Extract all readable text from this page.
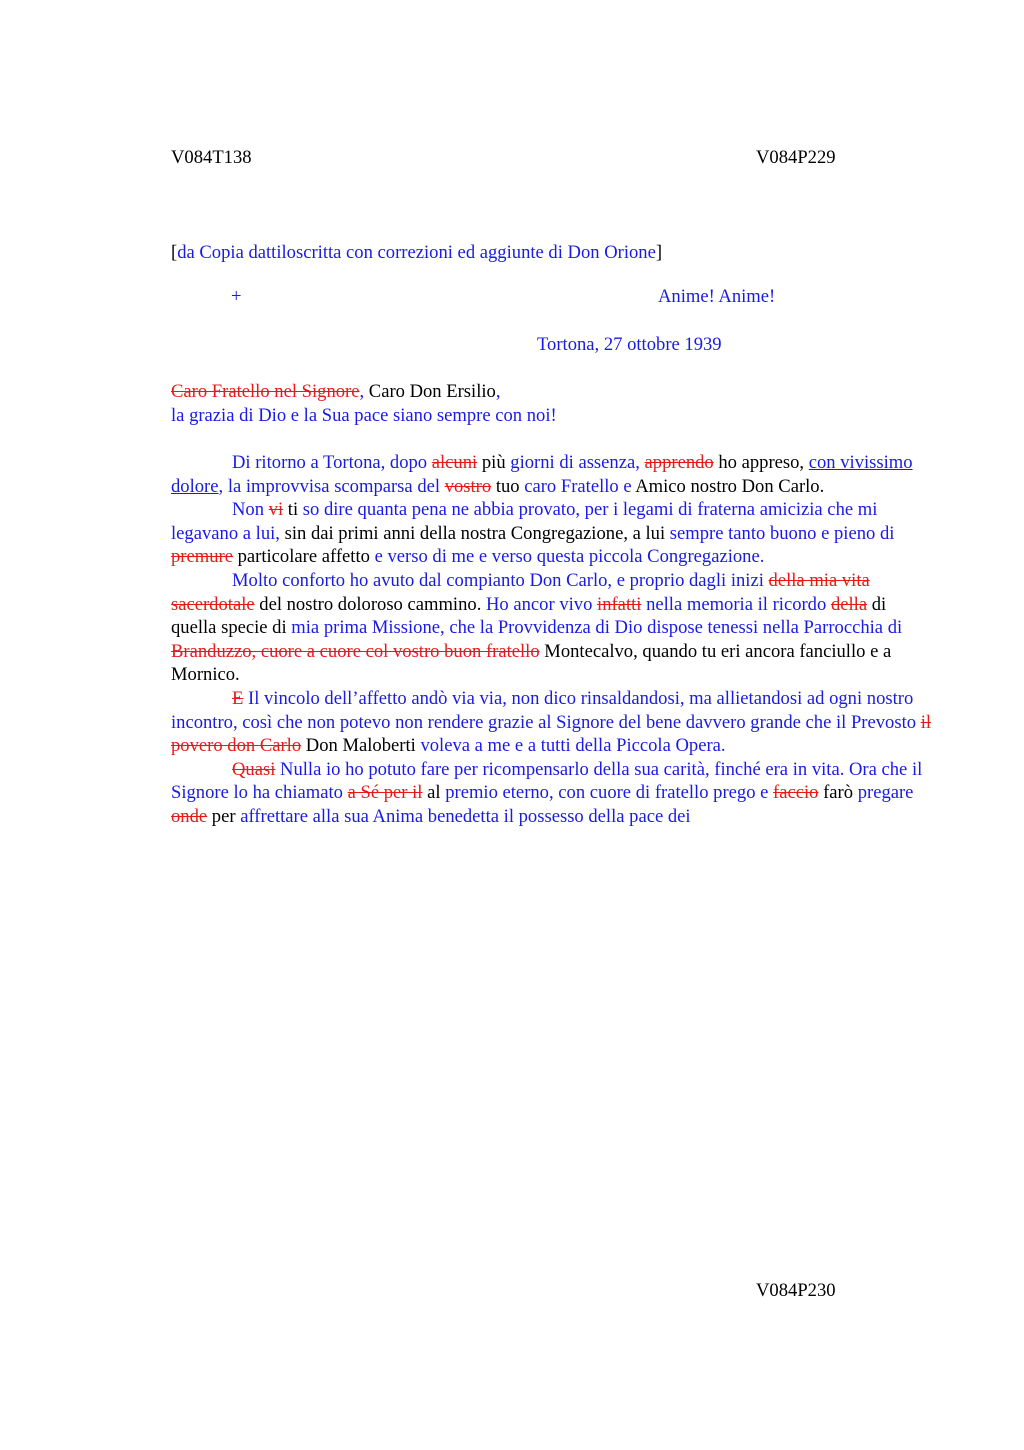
V084T138	V084P229
[da Copia dattiloscritta con correzioni ed aggiunte di Don Orione]
+	Anime! Anime!
Tortona, 27 ottobre 1939
Caro Fratello nel Signore, Caro Don Ersilio,
la grazia di Dio e la Sua pace siano sempre con noi!

Di ritorno a Tortona, dopo alcuni più giorni di assenza, apprendo ho appreso, con vivissimo dolore, la improvvisa scomparsa del vostro tuo caro Fratello e Amico nostro Don Carlo.

Non vi ti so dire quanta pena ne abbia provato, per i legami di fraterna amicizia che mi legavano a lui, sin dai primi anni della nostra Congregazione, a lui sempre tanto buono e pieno di premure particolare affetto e verso di me e verso questa piccola Congregazione.

Molto conforto ho avuto dal compianto Don Carlo, e proprio dagli inizi della mia vita sacerdotale del nostro doloroso cammino. Ho ancor vivo infatti nella memoria il ricordo della di quella specie di mia prima Missione, che la Provvidenza di Dio dispose tenessi nella Parrocchia di Branduzzo, cuore a cuore col vostro buon fratello Montecalvo, quando tu eri ancora fanciullo e a Mornico.

E Il vincolo dell’affetto andò via via, non dico rinsaldandosi, ma allietandosi ad ogni nostro incontro, così che non potevo non rendere grazie al Signore del bene davvero grande che il Prevosto il povero don Carlo Don Maloberti voleva a me e a tutti della Piccola Opera.

Quasi Nulla io ho potuto fare per ricompensarlo della sua carità, finché era in vita. Ora che il Signore lo ha chiamato a Sé per il al premio eterno, con cuore di fratello prego e faccio farò pregare onde per affrettare alla sua Anima benedetta il possesso della pace dei

V084P230
